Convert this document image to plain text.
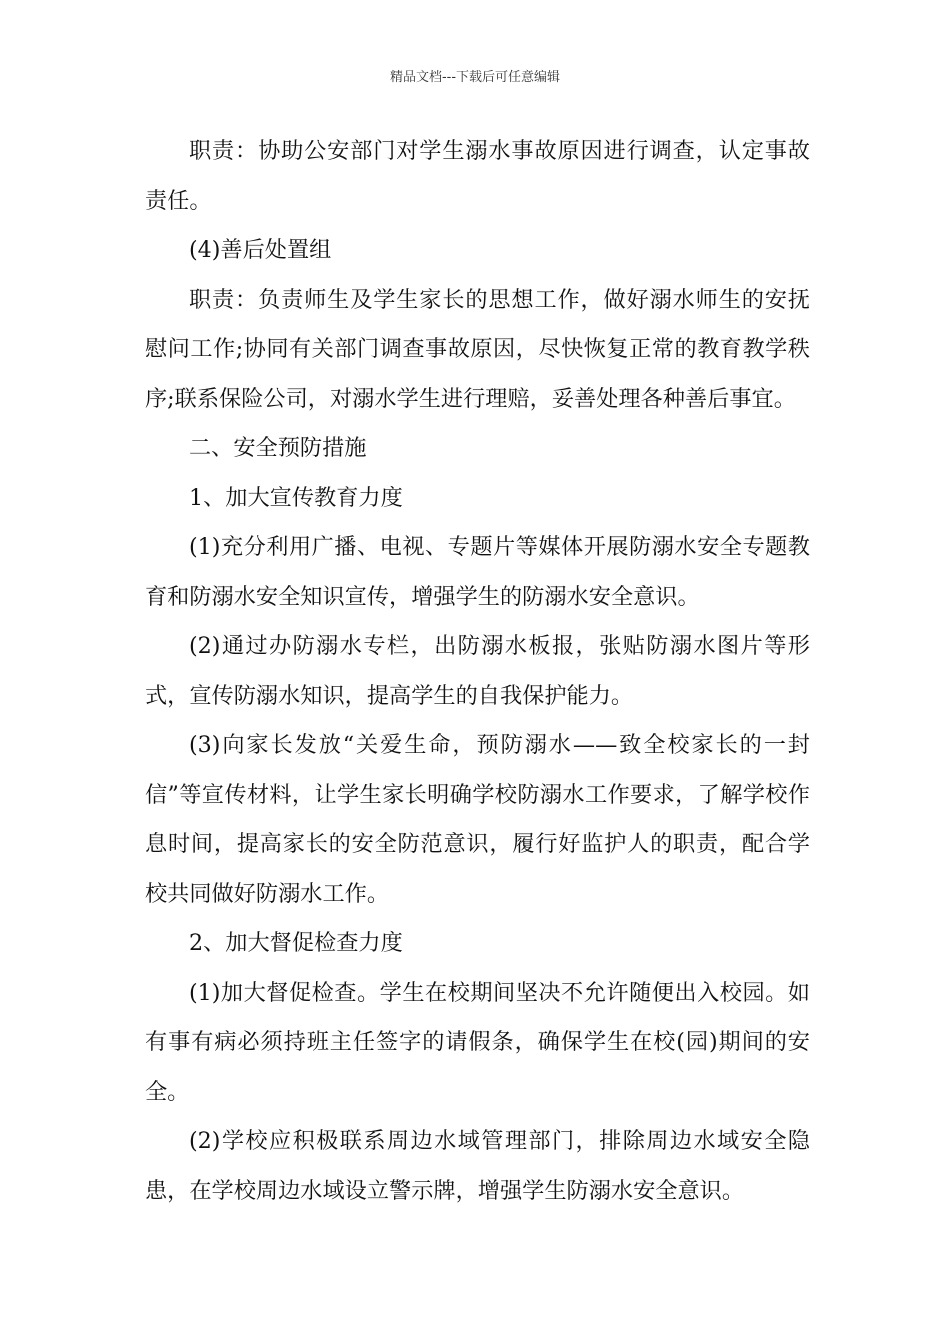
精品文档---下载后可任意编辑

职责：协助公安部门对学生溺水事故原因进行调查，认定事故责任。

(4)善后处置组

职责：负责师生及学生家长的思想工作，做好溺水师生的安抚慰问工作;协同有关部门调查事故原因，尽快恢复正常的教育教学秩序;联系保险公司，对溺水学生进行理赔，妥善处理各种善后事宜。

二、安全预防措施

1、加大宣传教育力度

(1)充分利用广播、电视、专题片等媒体开展防溺水安全专题教育和防溺水安全知识宣传，增强学生的防溺水安全意识。

(2)通过办防溺水专栏，出防溺水板报，张贴防溺水图片等形式，宣传防溺水知识，提高学生的自我保护能力。

(3)向家长发放“关爱生命，预防溺水——致全校家长的一封信”等宣传材料，让学生家长明确学校防溺水工作要求，了解学校作息时间，提高家长的安全防范意识，履行好监护人的职责，配合学校共同做好防溺水工作。

2、加大督促检查力度

(1)加大督促检查。学生在校期间坚决不允许随便出入校园。如有事有病必须持班主任签字的请假条，确保学生在校(园)期间的安全。

(2)学校应积极联系周边水域管理部门，排除周边水域安全隐患，在学校周边水域设立警示牌，增强学生防溺水安全意识。
